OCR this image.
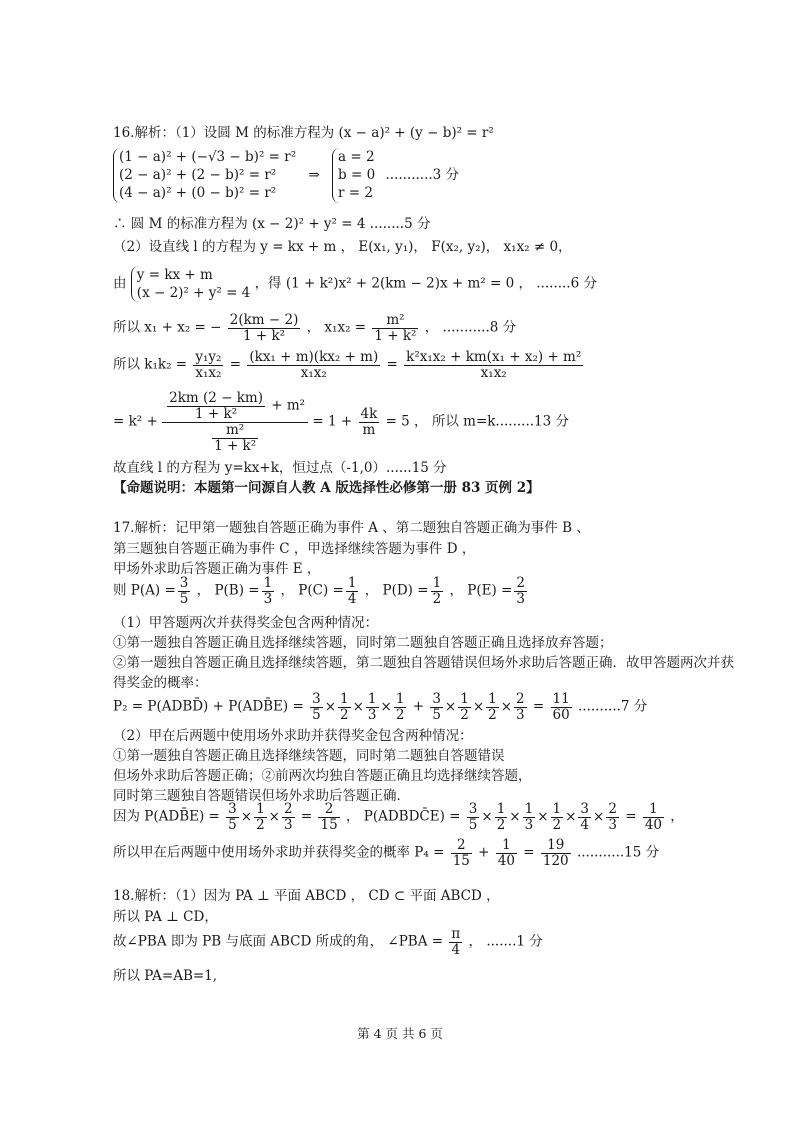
16.解析：（1）设圆 M 的标准方程为 (x − a)² + (y − b)² = r²
(1 − a)² + (−√3 − b)² = r²
(2 − a)² + (2 − b)² = r²
(4 − a)² + (0 − b)² = r²
⇒
a = 2
b = 0
r = 2
...........3 分
∴ 圆 M 的标准方程为 (x − 2)² + y² = 4 ........5 分
（2）设直线 l 的方程为 y = kx + m ， E(x₁, y₁)， F(x₂, y₂)， x₁x₂ ≠ 0，
由
y = kx + m
(x − 2)² + y² = 4
，得 (1 + k²)x² + 2(km − 2)x + m² = 0 ， ........6 分
所以 x₁ + x₂ = − $\frac{2(km - 2)}{\text{1 + k²}}$ ， $x_1x_2 = \frac{\text{m²}}{\text{1 + k²}}$ ， ...........8 分
所以 $k_1k_2 = \frac{\text{y₁y₂}}{\text{x₁x₂}} = \frac{\text{(kx₁ + m)(kx₂ + m)}}{\text{x₁x₂}} = \frac{\text{k²x₁x₂ + km(x₁ + x₂) + m²}}{\text{x₁x₂}}$
= $k^2 + \frac{\frac{2km (2 - km)}{\text{1 + k²}} + m^2}{\frac{\text{m²}}{\text{1 + k²}}} = 1 + \frac{4k}{m} = 5$ ， 所以 m=k.........13 分
故直线 l 的方程为 y=kx+k，恒过点（-1,0）......15 分
【命题说明：本题第一问源自人教 A 版选择性必修第一册 83 页例 2】
17.解析：记甲第一题独自答题正确为事件 A 、第二题独自答题正确为事件 B 、
第三题独自答题正确为事件 C ，甲选择继续答题为事件 D ，
甲场外求助后答题正确为事件 E ，
则 $P(A) = \frac{3}{5}$ ， $P(B) = \frac{1}{3}$ ， $P(C) = \frac{1}{4}$ ， $P(D) = \frac{1}{2}$ ， $P(E) = \frac{2}{3}$
（1）甲答题两次并获得奖金包含两种情况：
①第一题独自答题正确且选择继续答题，同时第二题独自答题正确且选择放弃答题；
②第一题独自答题正确且选择继续答题，第二题独自答题错误但场外求助后答题正确．故甲答题两次并获
得奖金的概率：
P₂ = P(ADBD̄) + P(ADB̄E) = $\frac{3}{5} \times \frac{1}{2} \times \frac{1}{3} \times \frac{1}{2} + \frac{3}{5} \times \frac{1}{2} \times \frac{1}{2} \times \frac{2}{3} = \frac{11}{60} ..........7$ 分
（2）甲在后两题中使用场外求助并获得奖金包含两种情况：
①第一题独自答题正确且选择继续答题，同时第二题独自答题错误
但场外求助后答题正确；②前两次均独自答题正确且均选择继续答题，
同时第三题独自答题错误但场外求助后答题正确．
因为 P(ADB̄E) = $\frac{3}{5} \times \frac{1}{2} \times \frac{2}{3} = \frac{2}{15}$ ， P(ADBDC̄E) = $\frac{3}{5} \times \frac{1}{2} \times \frac{1}{3} \times \frac{1}{2} \times \frac{3}{4} \times \frac{2}{3} = \frac{1}{40}$ ，
所以甲在后两题中使用场外求助并获得奖金的概率 $P_4 = \frac{2}{15} + \frac{1}{40} = \frac{19}{120} ...........15$ 分
18.解析：（1）因为 PA ⊥ 平面 ABCD ， CD ⊂ 平面 ABCD ，
所以 PA ⊥ CD，
故∠PBA 即为 PB 与底面 ABCD 所成的角， ∠PBA = $\frac{\pi}{4}$ ， .......1 分
所以 PA=AB=1,
第 4 页 共 6 页
